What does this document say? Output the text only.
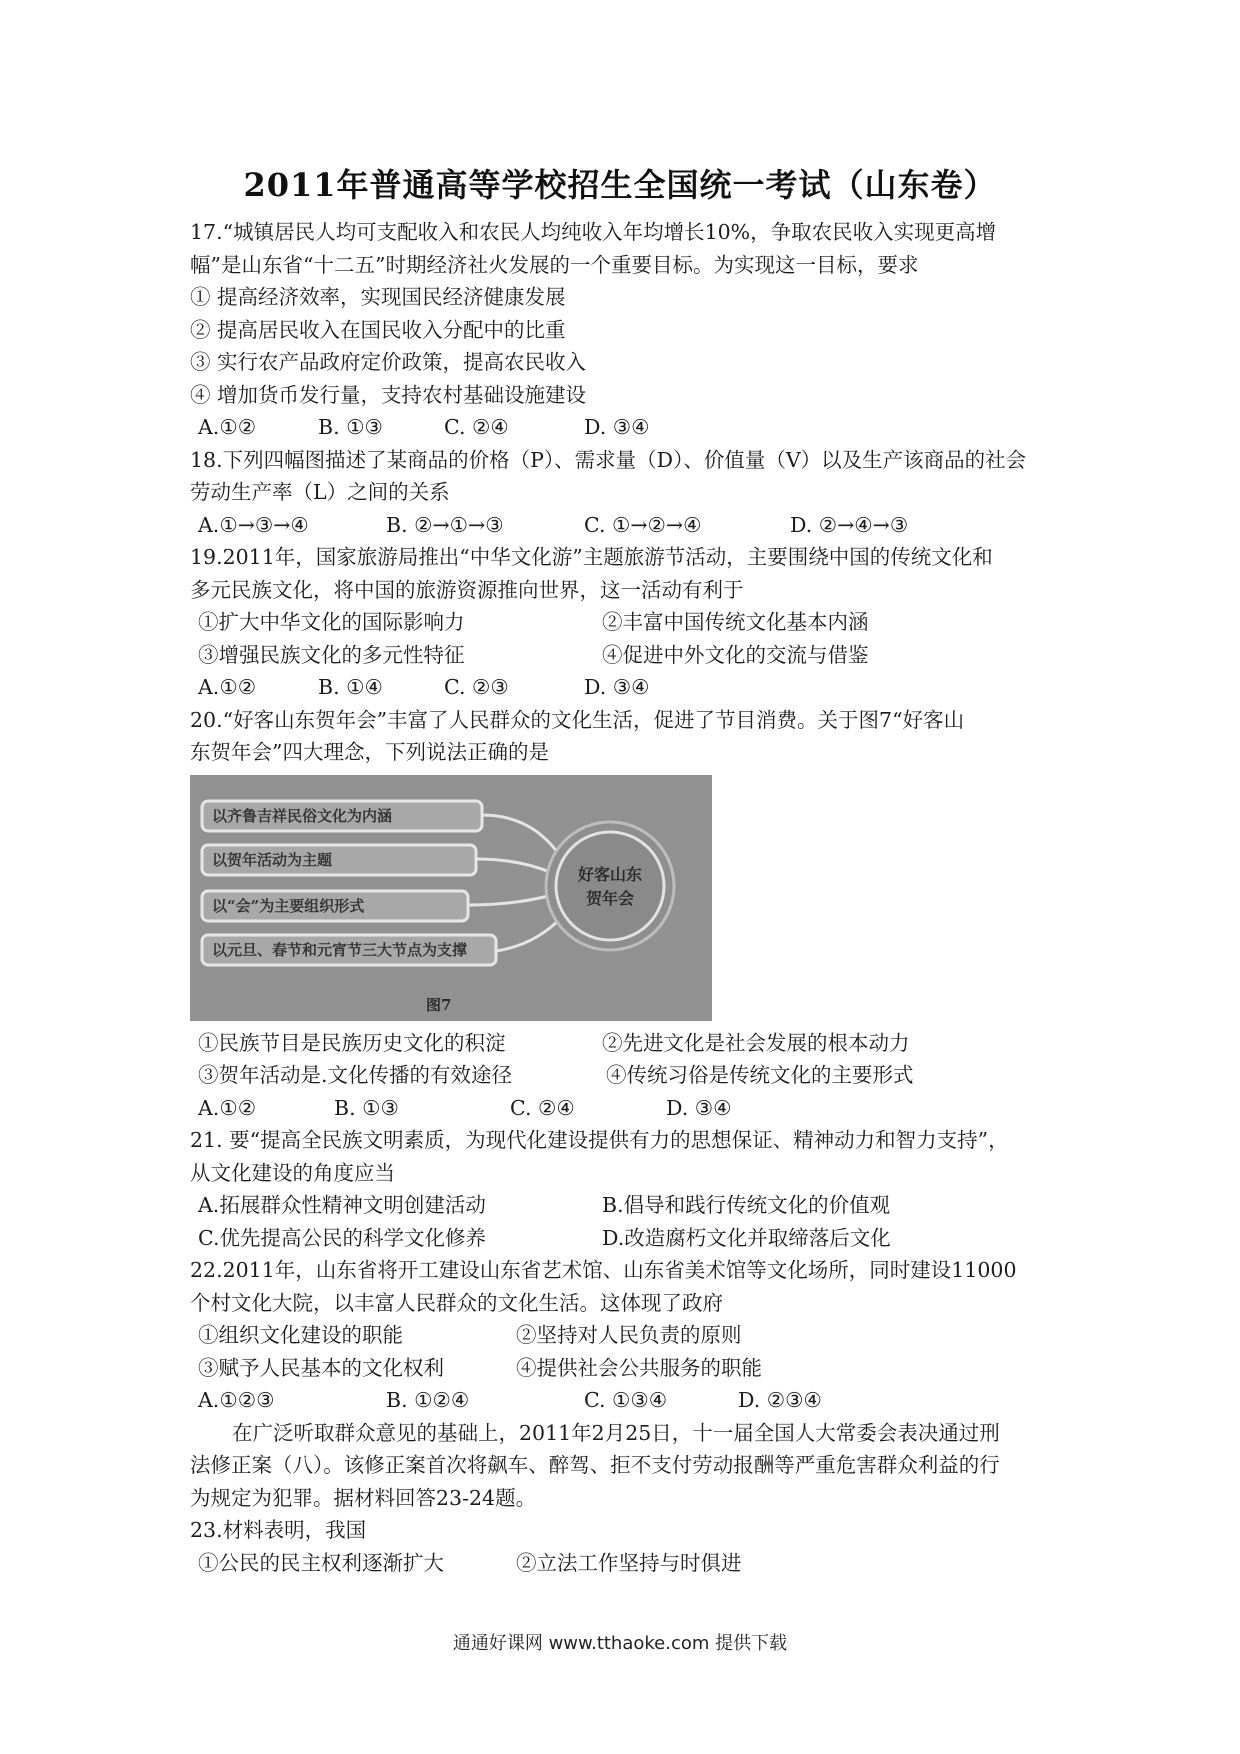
2011年普通高等学校招生全国统一考试（山东卷）
17.“城镇居民人均可支配收入和农民人均纯收入年均增长10%，争取农民收入实现更高增
幅”是山东省“十二五”时期经济社火发展的一个重要目标。为实现这一目标，要求
① 提高经济效率，实现国民经济健康发展
② 提高居民收入在国民收入分配中的比重
③ 实行农产品政府定价政策，提高农民收入
④ 增加货币发行量，支持农村基础设施建设
A.①②	B. ①③	C. ②④	D. ③④
18.下列四幅图描述了某商品的价格（P）、需求量（D）、价值量（V）以及生产该商品的社会
劳动生产率（L）之间的关系
A.①→③→④	B. ②→①→③	C. ①→②→④	D. ②→④→③
19.2011年，国家旅游局推出“中华文化游”主题旅游节活动，主要围绕中国的传统文化和
多元民族文化，将中国的旅游资源推向世界，这一活动有利于
①扩大中华文化的国际影响力	②丰富中国传统文化基本内涵
③增强民族文化的多元性特征	④促进中外文化的交流与借鉴
A.①②	B. ①④	C. ②③	D. ③④
20.“好客山东贺年会”丰富了人民群众的文化生活，促进了节目消费。关于图7“好客山
东贺年会”四大理念，下列说法正确的是
以齐鲁吉祥民俗文化为内涵
以贺年活动为主题
以“会”为主要组织形式
以元旦、春节和元宵节三大节点为支撑
好客山东
贺年会
图7
①民族节目是民族历史文化的积淀	②先进文化是社会发展的根本动力
③贺年活动是.文化传播的有效途径	④传统习俗是传统文化的主要形式
A.①②	B. ①③	C. ②④	D. ③④
21. 要“提高全民族文明素质，为现代化建设提供有力的思想保证、精神动力和智力支持”，
从文化建设的角度应当
A.拓展群众性精神文明创建活动	B.倡导和践行传统文化的价值观
C.优先提高公民的科学文化修养	D.改造腐朽文化并取缔落后文化
22.2011年，山东省将开工建设山东省艺术馆、山东省美术馆等文化场所，同时建设11000
个村文化大院，以丰富人民群众的文化生活。这体现了政府
①组织文化建设的职能	②坚持对人民负责的原则
③赋予人民基本的文化权利	④提供社会公共服务的职能
A.①②③	B. ①②④	C. ①③④	D. ②③④
在广泛听取群众意见的基础上，2011年2月25日，十一届全国人大常委会表决通过刑
法修正案（八）。该修正案首次将飙车、醉驾、拒不支付劳动报酬等严重危害群众利益的行
为规定为犯罪。据材料回答23-24题。
23.材料表明，我国
①公民的民主权利逐渐扩大	②立法工作坚持与时俱进
通通好课网 www.tthaoke.com 提供下载
